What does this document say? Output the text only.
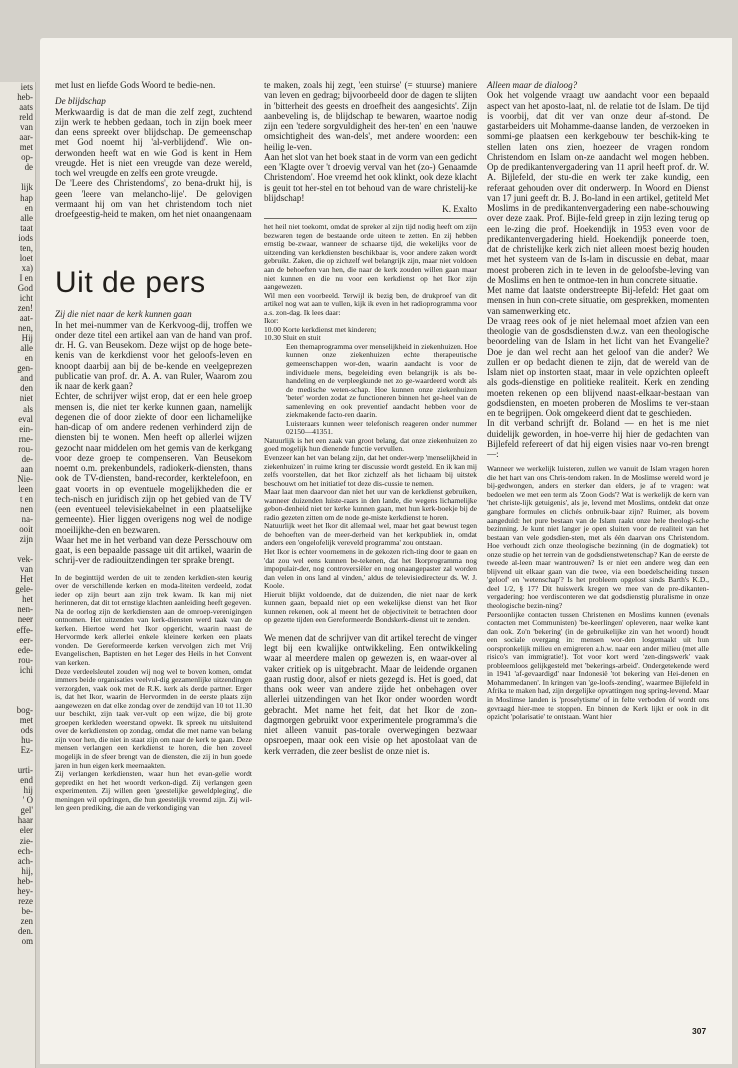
iets

heb-

aats

reld

van

aar-

met

op-

de

lijk

hap

en

alle

taat

iods

ten,

loet

xa)

I en

God

icht

zen!

aat-

nen,

Hij

alle

en

gen-

and

den

niet

als

eval

ein-

rne-

rou-

de-

aan

Nie-

leen

t en

nen

na-

ooit

zijn

vek-

van

Het

gele-

het

nen-

neer

effe-

eer-

ede-

rou-

ichi

bog-

met

ods

hu-

Ez-

urti-

end

hij

' O

gel'

haar

eler

zie-

ech-

ach-

hij,

heb-

hey-

reze

be-

zen

den.

om

met lust en liefde Gods Woord te bedie-nen.

De blijdschap

Merkwaardig is dat de man die zelf zegt, zuchtend zijn werk te hebben gedaan, toch in zijn boek meer dan eens spreekt over blijdschap. De gemeenschap met God noemt hij 'al-verblijdend'. Wie on-derwonden heeft wat en wie God is kent in Hem vreugde. Het is niet een vreugde van deze wereld, toch wel vreugde en zelfs een grote vreugde.

De 'Leere des Christendoms', zo bena-drukt hij, is geen 'leere van melancho-lije'. De gelovigen vermaant hij om van het christendom toch niet droefgeestig-heid te maken, om het niet onaangenaam

Uit de pers

Zij die niet naar de kerk kunnen gaan

In het mei-nummer van de Kerkvoog-dij, troffen we onder deze titel een artikel aan van de hand van prof. dr. H. G. van Beusekom. Deze wijst op de hoge bete-kenis van de kerkdienst voor het geloofs-leven en knoopt daarbij aan bij de be-kende en veelgeprezen publicatie van prof. dr. A. A. van Ruler, Waarom zou ik naar de kerk gaan?

Echter, de schrijver wijst erop, dat er een hele groep mensen is, die niet ter kerke kunnen gaan, namelijk degenen die of door ziekte of door een lichamelijke han-dicap of om andere redenen verhinderd zijn de diensten bij te wonen. Men heeft op allerlei wijzen gezocht naar middelen om het gemis van de kerkgang voor deze groep te compenseren. Van Beusekom noemt o.m. prekenbundels, radiokerk-diensten, thans ook de TV-diensten, band-recorder, kerktelefoon, en gaat voorts in op eventuele mogelijkheden die er tech-nisch en juridisch zijn op het gebied van de TV (een eventueel televisiekabelnet in een plaatselijke gemeente). Hier liggen overigens nog wel de nodige moeilijkhe-den en bezwaren.

Waar het me in het verband van deze Persschouw om gaat, is een bepaalde passage uit dit artikel, waarin de schrij-ver de radiouitzendingen ter sprake brengt.

In de beginttijd werden de uit te zenden kerkdien-sten keurig over de verschillende kerken en moda-liteiten verdeeld, zodat ieder op zijn beurt aan zijn trek kwam. Ik kan mij niet herinneren, dat dit tot ernstige klachten aanleiding heeft gegeven.

Na de oorlog zijn de kerkdiensten aan de omroep-verenigingen ontnomen. Het uitzenden van kerk-diensten werd taak van de kerken. Hiertoe werd het Ikor opgericht, waarin naast de Hervormde kerk allerlei enkele kleinere kerken een plaats vonden. De Gereformeerde kerken vervolgen zich met Vrij Evangelischen, Baptisten en het Leger des Heils in het Convent van kerken.

Deze verdeelsleutel zouden wij nog wel te boven komen, omdat immers beide organisaties veelvul-dig gezamenlijke uitzendingen verzorgden, vaak ook met de R.K. kerk als derde partner. Erger is, dat het Ikor, waarin de Hervormden in de eerste plaats zijn aangewezen en dat elke zondag over de zendtijd van 10 tot 11.30 uur beschikt, zijn taak ver-vult op een wijze, die bij grote groepen kerkleden weerstand opwekt. Ik spreek nu uitsluitend over de kerkdiensten op zondag, omdat die met name van belang zijn voor hen, die niet in staat zijn om naar de kerk te gaan. Deze mensen verlangen een kerkdienst te horen, die hen zoveel mogelijk in de sfeer brengt van de diensten, die zij in hun goede jaren in hun eigen kerk meemaakten.

Zij verlangen kerkdiensten, waar hun het evan-gelie wordt gepredikt en het het woordt verkon-digd. Zij verlangen geen experimenten. Zij willen geen 'geestelijke geweldpleging', die meningen wil opdringen, die hun geestelijk vreemd zijn. Zij wil-len geen prediking, die aan de verkondiging van

te maken, zoals hij zegt, 'een stuirse' (= stuurse) maniere van leven en gedrag; bijvoorbeeld door de dagen te slijten in 'bitterheit des geests en droefheit des aangesichts'. Zijn aanbeveling is, de blijdschap te bewaren, waartoe nodig zijn een 'tedere sorgvuldigheit des her-ten' en een 'nauwe omsichtigheit des wan-dels', met andere woorden: een heilig le-ven.

Aan het slot van het boek staat in de vorm van een gedicht een 'Klagte over 't droevig verval van het (zo-) Genaamde Christendom'. Hoe vreemd het ook klinkt, ook deze klacht is geuit tot her-stel en tot behoud van de ware christelij-ke blijdschap!

K. Exalto

het heil niet toekomt, omdat de spreker al zijn tijd nodig heeft om zijn bezwaren tegen de bestaande orde uiteen te zetten. En zij hebben ernstig be-zwaar, wanneer de schaarse tijd, die wekelijks voor de uitzending van kerkdiensten beschikbaar is, voor andere zaken wordt gebruikt. Zaken, die op zichzelf wel belangrijk zijn, maar niet voldoen aan de behoeften van hen, die naar de kerk zouden willen gaan maar niet kunnen en die nu voor een kerkdienst op het Ikor zijn aangewezen.

Wil men een voorbeeld. Terwijl ik bezig ben, de drukproef van dit artikel nog wat aan te vullen, kijk ik even in het radioprogramma voor a.s. zon-dag. Ik lees daar:

Ikor:

10.00 Korte kerkdienst met kinderen;

10.30 Sluit en stuit

Een themaprogramma over menselijkheid in ziekenhuizen. Hoe kunnen onze ziekenhuizen echte therapeutische gemeenschappen wor-den, waarin aandacht is voor de individuele mens, begeleiding even belangrijk is als be-handeling en de verpleegkunde net zo ge-waardeerd wordt als de medische weten-schap. Hoe kunnen onze ziekenhuizen 'beter' worden zodat ze functioneren binnen het ge-heel van de samenleving en ook preventief aandacht hebben voor de ziekmakende facto-ren daarin.

Luisteraars kunnen weer telefonisch reageren onder nummer 02150—41351.

Natuurlijk is het een zaak van groot belang, dat onze ziekenhuizen zo goed mogelijk hun dienende functie vervullen.

Evenzeer kan het van belang zijn, dat het onder-werp 'menselijkheid in ziekenhuizen' in ruime kring ter discussie wordt gesteld. En ik kan mij zelfs voorstellen, dat het Ikor zichzelf als het lichaam bij uitstek beschouwt om het initiatief tot deze dis-cussie te nemen.

Maar laat men daarvoor dan niet het uur van de kerkdienst gebruiken, wanneer duizenden luiste-raars in den lande, die wegens lichamelijke gebon-denheid niet ter kerke kunnen gaan, met hun kerk-boekje bij de radio gezeten zitten om de node ge-miste kerkdienst te horen.

Natuurlijk weet het Ikor dit allemaal wel, maar het gaat bewust tegen de behoeften van de meer-derheid van het kerkpubliek in, omdat anders een 'ongelofelijk vereveld programma' zou ontstaan.

Het Ikor is echter voornemens in de gekozen rich-ting door te gaan en 'dat zou wel eens kunnen be-tekenen, dat het Ikorprogramma nog impopulair-der, nog controversiëler en nog onaangepaster zal worden dan velen in ons land al vinden,' aldus de televisiedirecteur ds. W. J. Koole.

Hieruit blijkt voldoende, dat de duizenden, die niet naar de kerk kunnen gaan, bepaald niet op een wekelijkse dienst van het Ikor kunnen rekenen, ook al meent het de objectiviteit te betrachten door op gezette tijden een Gereformeerde Bondskerk-dienst uit te zenden.

We menen dat de schrijver van dit artikel terecht de vinger legt bij een kwalijke ontwikkeling. Een ontwikkeling waar al meerdere malen op gewezen is, en waar-over al vaker critiek op is uitgebracht. Maar de leidende organen gaan rustig door, alsof er niets gezegd is. Het is goed, dat thans ook weer van andere zijde het onbehagen over allerlei uitzendingen van het Ikor onder woorden wordt gebracht. Met name het feit, dat het Ikor de zon-dagmorgen gebruikt voor experimentele programma's die niet alleen vanuit pas-torale overwegingen bezwaar opsroepen, maar ook een visie op het apostolaat van de kerk verraden, die zeer beslist de onze niet is.

Alleen maar de dialoog?

Ook het volgende vraagt uw aandacht voor een bepaald aspect van het aposto-laat, nl. de relatie tot de Islam. De tijd is voorbij, dat dit ver van onze deur af-stond. De gastarbeiders uit Mohamme-daanse landen, de verzoeken in sommi-ge plaatsen een kerkgebouw ter beschik-king te stellen laten ons zien, hoezeer de vragen rondom Christendom en Islam on-ze aandacht wel mogen hebben. Op de predikantenvergadering van 11 april heeft prof. dr. W. A. Bijlefeld, der stu-die en werk ter zake kundig, een referaat gehouden over dit onderwerp. In Woord en Dienst van 17 juni geeft dr. B. J. Bo-land in een artikel, getiteld Met Moslims in de predikantenvergadering een nabe-schouwing over deze zaak. Prof. Bijle-feld greep in zijn lezing terug op een le-zing die prof. Hoekendijk in 1953 even voor de predikantenvergadering hield. Hoekendijk poneerde toen, dat de christelijke kerk zich niet alleen moest bezig houden met het systeem van de Is-lam in discussie en debat, maar moest proberen zich in te leven in de geloofsbe-leving van de Moslims en hen te ontmoe-ten in hun concrete situatie.

Met name dat laatste onderstreepte Bij-lefeld: Het gaat om mensen in hun con-crete situatie, om gesprekken, momenten van samenwerking etc.

De vraag rees ook of je niet helemaal moet afzien van een theologie van de gosdsdiensten d.w.z. van een theologische beoordeling van de Islam in het licht van het Evangelie? Doe je dan wel recht aan het geloof van die ander? We zullen er op bedacht dienen te zijn, dat de wereld van de Islam niet op instorten staat, maar in vele opzichten opleeft als gods-dienstige en politieke realiteit. Kerk en zending moeten rekenen op een blijvend naast-elkaar-bestaan van godsdiensten, en moeten proberen de Moslims te ver-staan en te begrijpen. Ook omgekeerd dient dat te geschieden.

In dit verband schrijft dr. Boland — en het is me niet duidelijk geworden, in hoe-verre hij hier de gedachten van Bijlefeld refereert of dat hij eigen visies naar vo-ren brengt —:

Wanneer we werkelijk luisteren, zullen we vanuit de Islam vragen horen die het hart van ons Chris-tendom raken. In de Moslimse wereld word je bij-gedwongen, anders en sterker dan elders, je af te vragen: wat bedoelen we met een term als 'Zoon Gods'? Wat is werkelijk de kern van 'het christe-lijk getuigenis', als je, levend met Moslims, ontdekt dat onze gangbare formules en clichés onbruik-baar zijn? Ruimer, als bovem aangeduid: het pure bestaan van de Islam raakt onze hele theologi-sche bezinning. Je kunt niet langer je open sluiten voor de realiteit van het bestaan van vele godsdien-sten, met als één daarvan ons Christendom. Hoe verhoudt zich onze theologische bezinning (in de dogmatiek) tot onze studie op het terrein van de godsdienstwetenschap? Kan de eerste de tweede al-leen maar wantrouwen? Is er niet een andere weg dan een blijvend uit elkaar gaan van die twee, via een boedelscheiding tussen 'geloof' en 'wetenschap'? Is het probleem opgelost sinds Barth's K.D., deel 1/2, § 17? Dit huiswerk kregen we mee van de pre-dikanten-vergadering: hoe verdisconteren we dat godsdienstig pluralisme in onze theologische bezin-ning?

Persoonlijke contacten tussen Christenen en Moslims kunnen (evenals contacten met Communisten) 'be-keerlingen' opleveren, naar welke kant dan ook. Zo'n 'bekering' (in de gebruikelijke zin van het woord) houdt een sociale overgang in: mensen wor-den losgemaakt uit hun oorspronkelijk milieu en emigreren a.h.w. naar een ander milieu (met alle risico's van immigratie!). Tot voor kort werd 'zen-dingswerk' vaak probleemloos gelijkgesteld met 'bekerings-arbeid'. Ondergetekende werd in 1941 'af-gevaardigd' naar Indonesië 'tot bekering van Hei-denen en Mohammedanen'. In kringen van 'ge-loofs-zending', waarmee Bijlefeld in Afrika te maken had, zijn dergelijke opvattingen nog spring-levend. Maar in Moslimse landen is 'proselytisme' of in felte verboden óf wordt ons gevraagd hier-mee te stoppen. En binnen de Kerk lijkt er ook in dit opzicht 'polarisatie' te ontstaan. Want hier

307
